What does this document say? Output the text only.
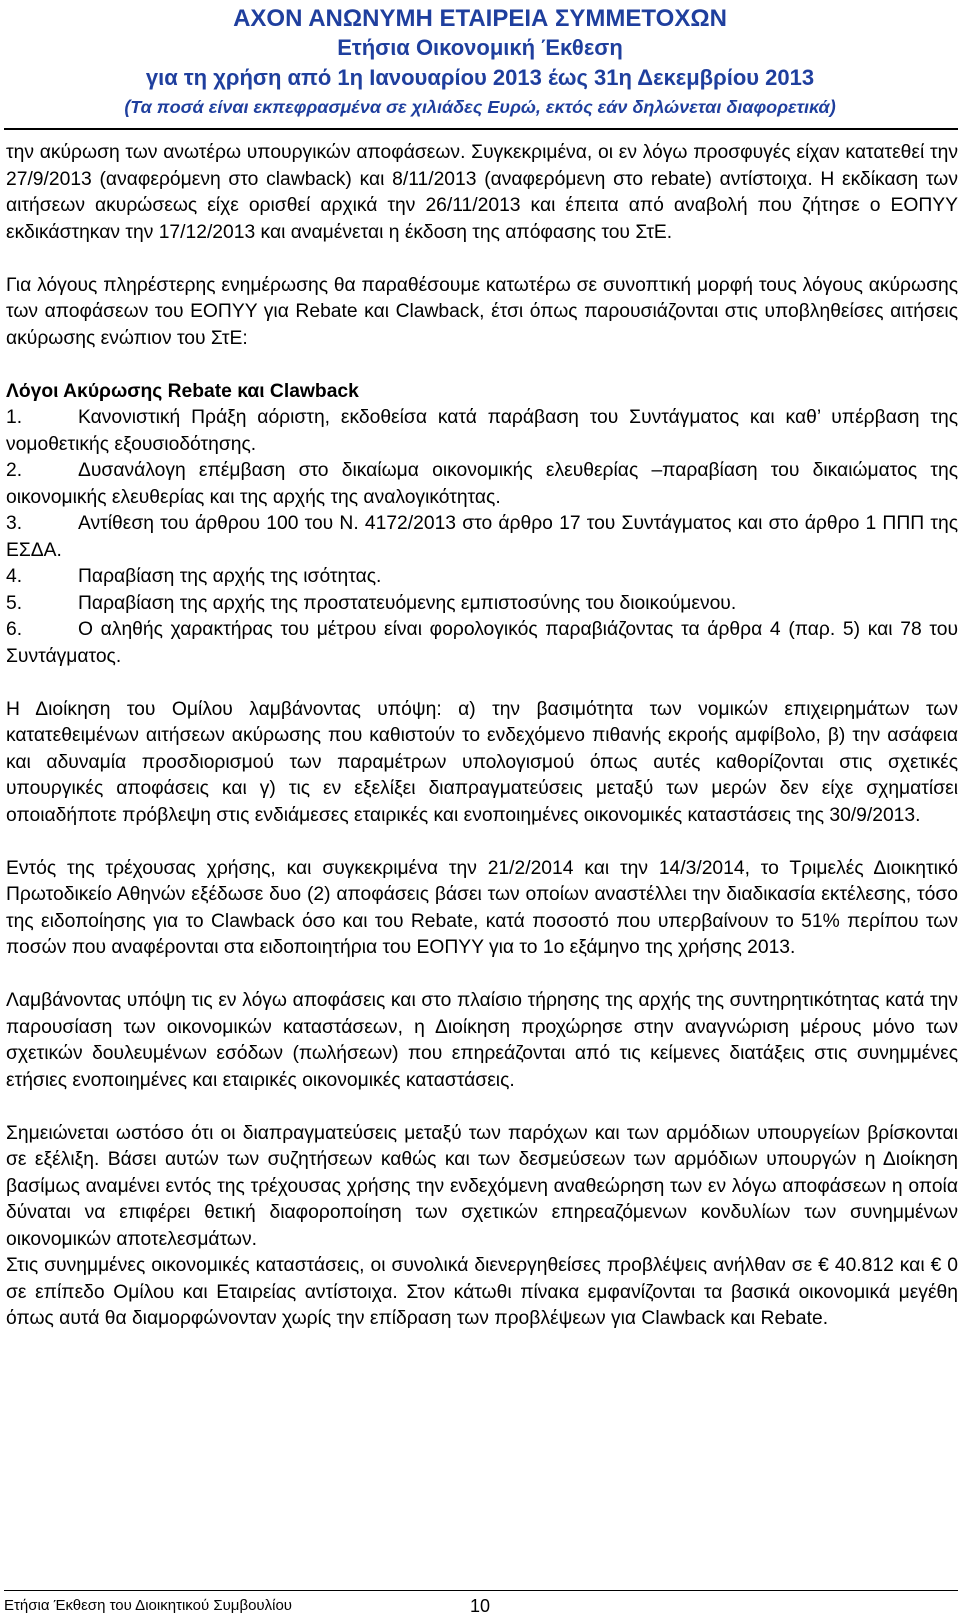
ΑΧΟΝ ΑΝΩΝΥΜΗ ΕΤΑΙΡΕΙΑ ΣΥΜΜΕΤΟΧΩΝ
Ετήσια Οικονομική Έκθεση
για τη χρήση από 1η Ιανουαρίου 2013 έως 31η Δεκεμβρίου 2013
(Τα ποσά είναι εκπεφρασμένα σε χιλιάδες Ευρώ, εκτός εάν δηλώνεται διαφορετικά)

την ακύρωση των ανωτέρω υπουργικών αποφάσεων. Συγκεκριμένα, οι εν λόγω προσφυγές είχαν κατατεθεί την 27/9/2013 (αναφερόμενη στο clawback) και 8/11/2013 (αναφερόμενη στο rebate) αντίστοιχα. Η εκδίκαση των αιτήσεων ακυρώσεως είχε ορισθεί αρχικά την 26/11/2013 και έπειτα από αναβολή που ζήτησε ο ΕΟΠΥΥ εκδικάστηκαν την 17/12/2013 και αναμένεται η έκδοση της απόφασης του ΣτΕ.

Για λόγους πληρέστερης ενημέρωσης θα παραθέσουμε κατωτέρω σε συνοπτική μορφή τους λόγους ακύρωσης των αποφάσεων του ΕΟΠΥΥ για Rebate και Clawback, έτσι όπως παρουσιάζονται στις υποβληθείσες αιτήσεις ακύρωσης ενώπιον του ΣτΕ:

Λόγοι Ακύρωσης Rebate και Clawback

1.	Κανονιστική Πράξη αόριστη, εκδοθείσα κατά παράβαση του Συντάγματος και καθ’ υπέρβαση της νομοθετικής εξουσιοδότησης.

2.	Δυσανάλογη επέμβαση στο δικαίωμα οικονομικής ελευθερίας –παραβίαση του δικαιώματος της οικονομικής ελευθερίας και της αρχής της αναλογικότητας.

3.	Αντίθεση του άρθρου 100 του Ν. 4172/2013 στο άρθρο 17 του Συντάγματος και στο άρθρο 1 ΠΠΠ της ΕΣΔΑ.

4.	Παραβίαση της αρχής της ισότητας.

5.	Παραβίαση της αρχής της προστατευόμενης εμπιστοσύνης του διοικούμενου.

6.	Ο αληθής χαρακτήρας του μέτρου είναι φορολογικός παραβιάζοντας τα άρθρα 4 (παρ. 5) και 78 του Συντάγματος.

Η Διοίκηση του Ομίλου λαμβάνοντας υπόψη: α) την βασιμότητα των νομικών επιχειρημάτων των κατατεθειμένων αιτήσεων ακύρωσης που καθιστούν το ενδεχόμενο πιθανής εκροής αμφίβολο, β) την ασάφεια και αδυναμία προσδιορισμού των παραμέτρων υπολογισμού όπως αυτές καθορίζονται στις σχετικές υπουργικές αποφάσεις και γ) τις εν εξελίξει διαπραγματεύσεις μεταξύ των μερών δεν είχε σχηματίσει οποιαδήποτε πρόβλεψη στις ενδιάμεσες εταιρικές και ενοποιημένες οικονομικές καταστάσεις της 30/9/2013.

Εντός της τρέχουσας χρήσης, και συγκεκριμένα την 21/2/2014 και την 14/3/2014, το Τριμελές Διοικητικό Πρωτοδικείο Αθηνών εξέδωσε δυο (2) αποφάσεις βάσει των οποίων αναστέλλει την διαδικασία εκτέλεσης, τόσο της ειδοποίησης για το Clawback όσο και του Rebate, κατά ποσοστό που υπερβαίνουν το 51% περίπου των ποσών που αναφέρονται στα ειδοποιητήρια του ΕΟΠΥΥ για το 1ο εξάμηνο της χρήσης 2013.

Λαμβάνοντας υπόψη τις εν λόγω αποφάσεις και στο πλαίσιο τήρησης της αρχής της συντηρητικότητας κατά την παρουσίαση των οικονομικών καταστάσεων, η Διοίκηση προχώρησε στην αναγνώριση μέρους μόνο των σχετικών δουλευμένων εσόδων (πωλήσεων) που επηρεάζονται από τις κείμενες διατάξεις στις συνημμένες ετήσιες ενοποιημένες και εταιρικές οικονομικές καταστάσεις.

Σημειώνεται ωστόσο ότι οι διαπραγματεύσεις μεταξύ των παρόχων και των αρμόδιων υπουργείων βρίσκονται σε εξέλιξη. Βάσει αυτών των συζητήσεων καθώς και των δεσμεύσεων των αρμόδιων υπουργών η Διοίκηση βασίμως αναμένει εντός της τρέχουσας χρήσης την ενδεχόμενη αναθεώρηση των εν λόγω αποφάσεων η οποία δύναται να επιφέρει θετική διαφοροποίηση των σχετικών επηρεαζόμενων κονδυλίων των συνημμένων οικονομικών αποτελεσμάτων.

Στις συνημμένες οικονομικές καταστάσεις, οι συνολικά διενεργηθείσες προβλέψεις ανήλθαν σε € 40.812 και € 0 σε επίπεδο Ομίλου και Εταιρείας αντίστοιχα. Στον κάτωθι πίνακα εμφανίζονται τα βασικά οικονομικά μεγέθη όπως αυτά θα διαμορφώνονταν χωρίς την επίδραση των προβλέψεων για Clawback και Rebate.

Ετήσια Έκθεση του Διοικητικού Συμβουλίου	10
